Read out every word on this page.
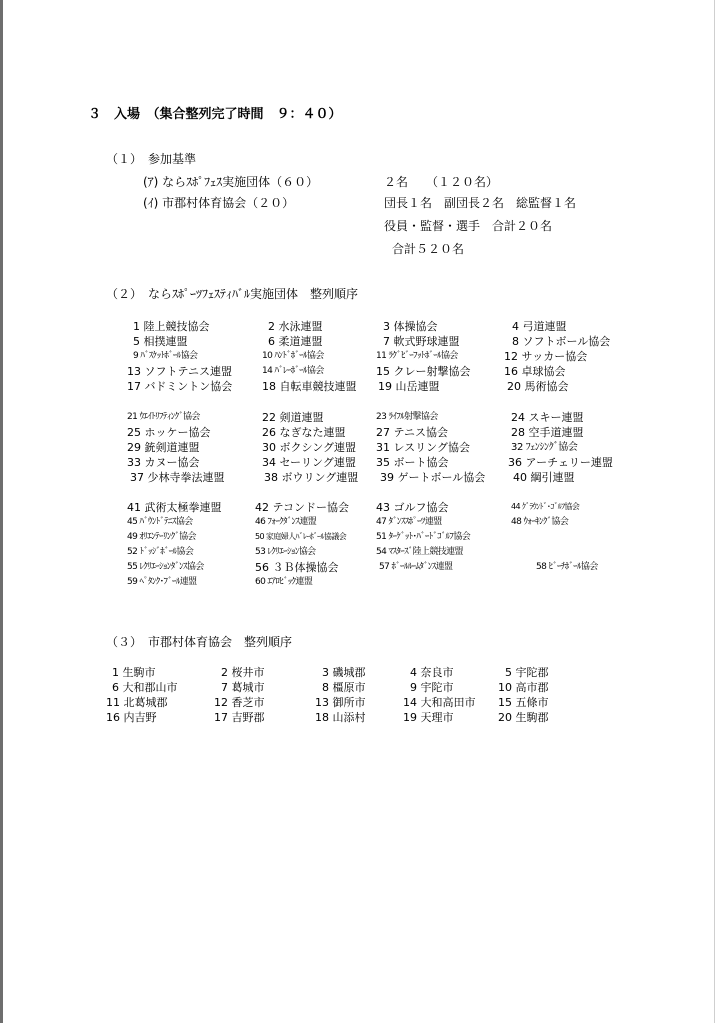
３　入場　（集合整列完了時間　９：４０）
（１）　参加基準
(ｱ) ならｽﾎﾟﾌｪｽ実施団体（６０）	２名　　（１２０名）
(ｲ) 市郡村体育協会（２０）	団長１名　副団長２名　総監督１名
役員・監督・選手　合計２０名
合計５２０名
（２）　ならｽﾎﾟｰﾂﾌｪｽﾃｨﾊﾞﾙ実施団体　整列順序
1 陸上競技協会	2 水泳連盟	3 体操協会	4 弓道連盟
5 相撲連盟	6 柔道連盟	7 軟式野球連盟	8 ソフトボール協会
9 ﾊﾞｽｹｯﾄﾎﾞｰﾙ協会	10 ﾊﾝﾄﾞﾎﾞｰﾙ協会	11 ﾗｸﾞﾋﾞｰﾌｯﾄﾎﾞｰﾙ協会	12 サッカー協会
13 ソフトテニス連盟	14 ﾊﾞﾚｰﾎﾞｰﾙ協会	15 クレー射撃協会	16 卓球協会
17 バドミントン協会	18 自転車競技連盟 19 山岳連盟	20 馬術協会
21 ｳｴｲﾄﾘﾌﾃｨﾝｸﾞ協会	22 剣道連盟	23 ﾗｲﾌﾙ射撃協会	24 スキー連盟
25 ホッケー協会	26 なぎなた連盟	27 テニス協会	28 空手道連盟
29 銃剣道連盟	30 ボクシング連盟 31 レスリング協会	32 ﾌｪﾝｼﾝｸﾞ協会
33 カヌー協会	34 セーリング連盟 35 ボート協会	36 アーチェリー連盟
37 少林寺拳法連盟	38 ボウリング連盟 39 ゲートボール協会	40 綱引連盟
41 武術太極拳連盟	42 テコンドー協会 43 ゴルフ協会	44 ｸﾞﾗｳﾝﾄﾞ･ｺﾞﾙﾌ協会
45 ﾊﾞｳﾝﾄﾞﾃﾆｽ協会	46 ﾌｫｰｸﾀﾞﾝｽ連盟	47 ﾀﾞﾝｽｽﾎﾟｰﾂ連盟	48 ｳｫｰｷﾝｸﾞ協会
49 ｵﾘｴﾝﾃｰﾘﾝｸﾞ協会	50 家庭婦人ﾊﾞﾚｰﾎﾞｰﾙ協議会	51 ﾀｰｹﾞｯﾄ･ﾊﾞｰﾄﾞｺﾞﾙﾌ協会
52 ﾄﾞｯｼﾞﾎﾞｰﾙ協会	53 ﾚｸﾘｴｰｼｮﾝ協会	54 ﾏｽﾀｰｽﾞ陸上競技連盟
55 ﾚｸﾘｴｰｼｮﾝﾀﾞﾝｽ協会	56 ３Ｂ体操協会	57 ﾎﾞｰﾙﾙｰﾑﾀﾞﾝｽ連盟	58 ﾋﾞｰﾁﾎﾞｰﾙ協会
59 ﾍﾟﾀﾝｸ･ﾌﾞｰﾙ連盟	60 ｴｱﾛﾋﾞｯｸ連盟
（３）　市郡村体育協会　整列順序
1 生駒市	2 桜井市	3 磯城郡	4 奈良市	5 宇陀郡
6 大和郡山市	7 葛城市	8 橿原市	9 宇陀市	10 高市郡
11 北葛城郡	12 香芝市	13 御所市	14 大和高田市 15 五條市
16 内吉野	17 吉野郡	18 山添村	19 天理市	20 生駒郡
